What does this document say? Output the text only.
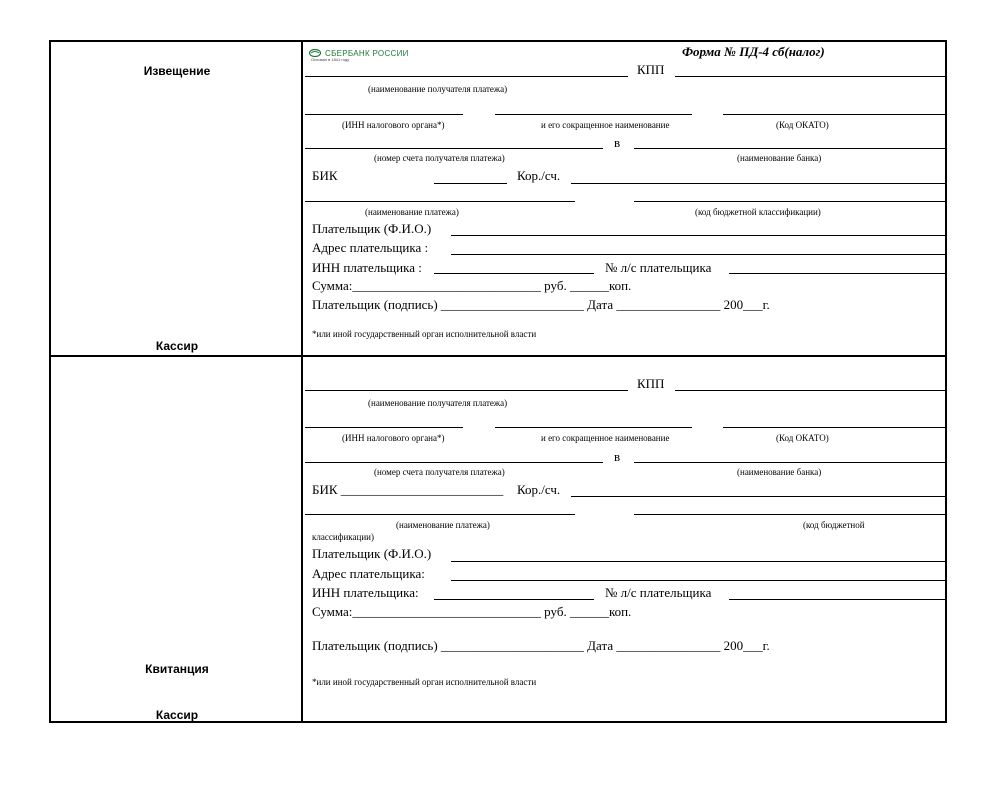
Извещение
Кассир
Квитанция
Кассир
СБЕРБАНК РОССИИ
Основан в 1841 году
Форма № ПД-4 сб(налог)
КПП
(наименование получателя платежа)
(ИНН налогового органа*)	и его сокращенное наименование	(Код ОКАТО)
в
(номер счета получателя платежа)	(наименование банка)
БИК	Кор./сч.
(наименование платежа)	(код бюджетной классификации)
Плательщик (Ф.И.О.)
Адрес плательщика :
ИНН плательщика :	№ л/с плательщика
Сумма:_____________________________ руб. ______коп.
Плательщик (подпись) ______________________ Дата ________________ 200___г.
*или иной государственный орган исполнительной власти
КПП
(наименование получателя платежа)
(ИНН налогового органа*)	и его сокращенное наименование	(Код ОКАТО)
в
(номер счета получателя платежа)	(наименование банка)
БИК _________________________ Кор./сч.
(наименование платежа)	(код бюджетной
классификации)
Плательщик (Ф.И.О.)
Адрес плательщика:
ИНН плательщика:	№ л/с плательщика
Сумма:_____________________________ руб. ______коп.
Плательщик (подпись) ______________________ Дата ________________ 200___г.
*или иной государственный орган исполнительной власти
